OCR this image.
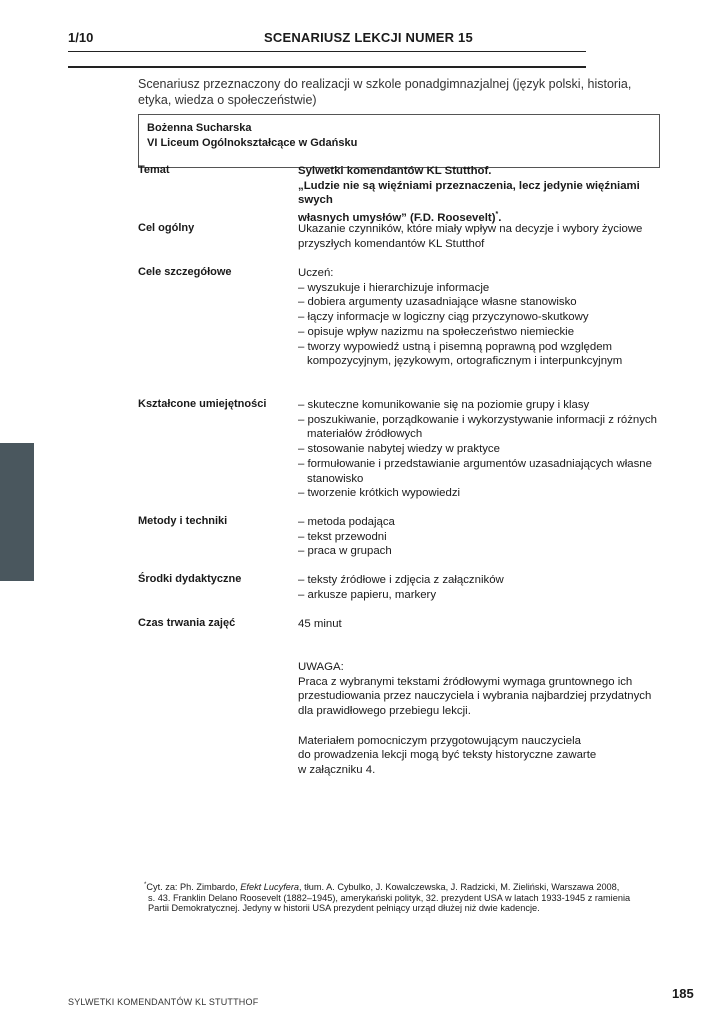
1/10	SCENARIUSZ LEKCJI NUMER 15
Scenariusz przeznaczony do realizacji w szkole ponadgimnazjalnej (język polski, historia, etyka, wiedza o społeczeństwie)
Bożenna Sucharska
VI Liceum Ogólnokształcące w Gdańsku
Temat	Sylwetki komendantów KL Stutthof.
„Ludzie nie są więźniami przeznaczenia, lecz jedynie więźniami swych
własnych umysłów” (F.D. Roosevelt)*.
Cel ogólny	Ukazanie czynników, które miały wpływ na decyzje i wybory życiowe
przyszłych komendantów KL Stutthof
Cele szczegółowe	Uczeń:
– wyszukuje i hierarchizuje informacje
– dobiera argumenty uzasadniające własne stanowisko
– łączy informacje w logiczny ciąg przyczynowo-skutkowy
– opisuje wpływ nazizmu na społeczeństwo niemieckie
– tworzy wypowiedź ustną i pisemną poprawną pod względem
kompozycyjnym, językowym, ortograficznym i interpunkcyjnym
Kształcone umiejętności	– skuteczne komunikowanie się na poziomie grupy i klasy
– poszukiwanie, porządkowanie i wykorzystywanie informacji z różnych
materiałów źródłowych
– stosowanie nabytej wiedzy w praktyce
– formułowanie i przedstawianie argumentów uzasadniających własne
stanowisko
– tworzenie krótkich wypowiedzi
Metody i techniki	– metoda podająca
– tekst przewodni
– praca w grupach
Środki dydaktyczne	– teksty źródłowe i zdjęcia z załączników
– arkusze papieru, markery
Czas trwania zajęć	45 minut
UWAGA:
Praca z wybranymi tekstami źródłowymi wymaga gruntownego ich
przestudiowania przez nauczyciela i wybrania najbardziej przydatnych
dla prawidłowego przebiegu lekcji.
Materiałem pomocniczym przygotowującym nauczyciela
do prowadzenia lekcji mogą być teksty historyczne zawarte
w załączniku 4.
*Cyt. za: Ph. Zimbardo, Efekt Lucyfera, tłum. A. Cybulko, J. Kowalczewska, J. Radzicki, M. Zieliński, Warszawa 2008,
s. 43. Franklin Delano Roosevelt (1882–1945), amerykański polityk, 32. prezydent USA w latach 1933-1945 z ramienia
Partii Demokratycznej. Jedyny w historii USA prezydent pełniący urząd dłużej niż dwie kadencje.
SYLWETKI KOMENDANTÓW KL STUTTHOF
185
